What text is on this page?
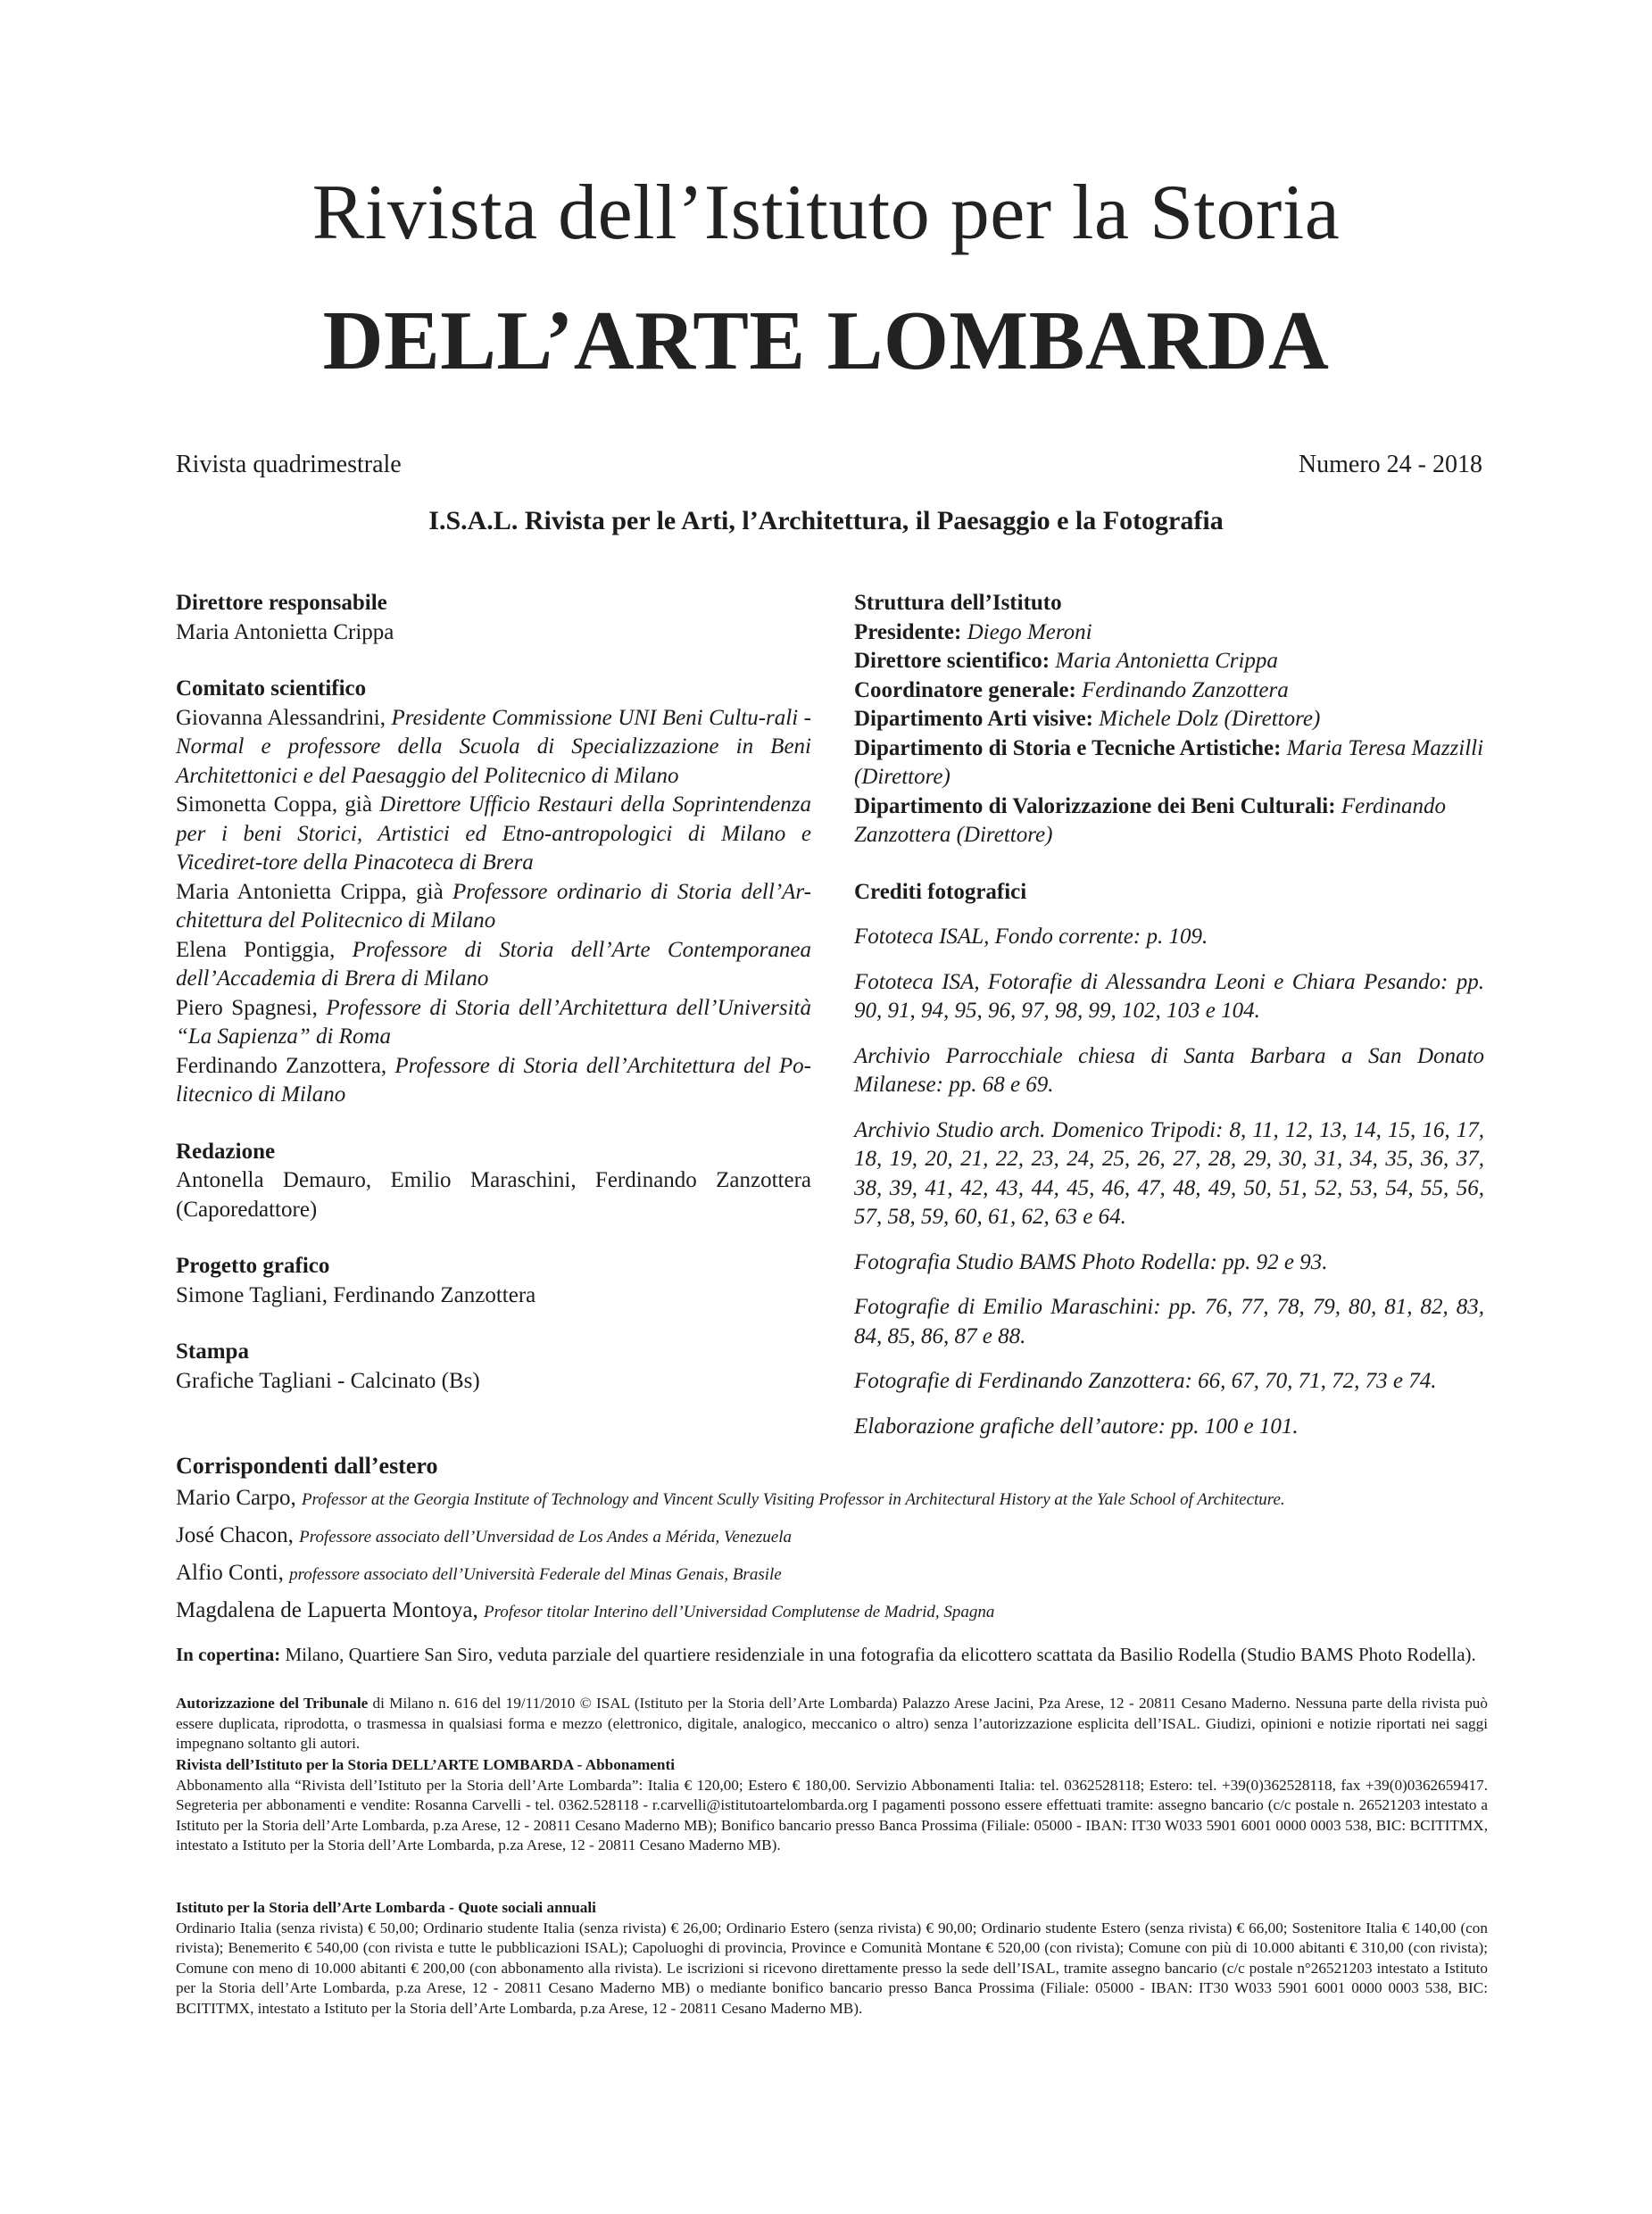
Rivista dell’Istituto per la Storia
DELL’ARTE LOMBARDA
Rivista quadrimestrale	Numero 24 - 2018
I.S.A.L. Rivista per le Arti, l’Architettura, il Paesaggio e la Fotografia
Direttore responsabile

Maria Antonietta Crippa

Comitato scientifico

Giovanna Alessandrini, Presidente Commissione UNI Beni Cultu-rali - Normal e professore della Scuola di Specializzazione in Beni Architettonici e del Paesaggio del Politecnico di Milano

Simonetta Coppa, già Direttore Ufficio Restauri della Soprintendenza per i beni Storici, Artistici ed Etno-antropologici di Milano e Vicediret-tore della Pinacoteca di Brera

Maria Antonietta Crippa, già Professore ordinario di Storia dell’Ar-chitettura del Politecnico di Milano

Elena Pontiggia, Professore di Storia dell’Arte Contemporanea dell’Accademia di Brera di Milano

Piero Spagnesi, Professore di Storia dell’Architettura dell’Università “La Sapienza” di Roma

Ferdinando Zanzottera, Professore di Storia dell’Architettura del Po-litecnico di Milano

Redazione

Antonella Demauro, Emilio Maraschini, Ferdinando Zanzottera (Caporedattore)

Progetto grafico

Simone Tagliani, Ferdinando Zanzottera

Stampa

Grafiche Tagliani - Calcinato (Bs)

Struttura dell’Istituto

Presidente: Diego Meroni

Direttore scientifico: Maria Antonietta Crippa

Coordinatore generale: Ferdinando Zanzottera

Dipartimento Arti visive: Michele Dolz (Direttore)

Dipartimento di Storia e Tecniche Artistiche: Maria Teresa Mazzilli (Direttore)

Dipartimento di Valorizzazione dei Beni Culturali: Ferdinando Zanzottera (Direttore)

Crediti fotografici

Fototeca ISAL, Fondo corrente: p. 109.

Fototeca ISA, Fotorafie di Alessandra Leoni e Chiara Pesando: pp. 90, 91, 94, 95, 96, 97, 98, 99, 102, 103 e 104.

Archivio Parrocchiale chiesa di Santa Barbara a San Donato Milanese: pp. 68 e 69.

Archivio Studio arch. Domenico Tripodi: 8, 11, 12, 13, 14, 15, 16, 17, 18, 19, 20, 21, 22, 23, 24, 25, 26, 27, 28, 29, 30, 31, 34, 35, 36, 37, 38, 39, 41, 42, 43, 44, 45, 46, 47, 48, 49, 50, 51, 52, 53, 54, 55, 56, 57, 58, 59, 60, 61, 62, 63 e 64.

Fotografia Studio BAMS Photo Rodella: pp. 92 e 93.

Fotografie di Emilio Maraschini: pp. 76, 77, 78, 79, 80, 81, 82, 83, 84, 85, 86, 87 e 88.

Fotografie di Ferdinando Zanzottera: 66, 67, 70, 71, 72, 73 e 74.

Elaborazione grafiche dell’autore: pp. 100 e 101.

Corrispondenti dall’estero
Mario Carpo, Professor at the Georgia Institute of Technology and Vincent Scully Visiting Professor in Architectural History at the Yale School of Architecture.
José Chacon, Professore associato dell’Unversidad de Los Andes a Mérida, Venezuela
Alfio Conti, professore associato dell’Università Federale del Minas Genais, Brasile
Magdalena de Lapuerta Montoya, Profesor titolar Interino dell’Universidad Complutense de Madrid, Spagna
In copertina: Milano, Quartiere San Siro, veduta parziale del quartiere residenziale in una fotografia da elicottero scattata da Basilio Rodella (Studio BAMS Photo Rodella).
Autorizzazione del Tribunale di Milano n. 616 del 19/11/2010 © ISAL (Istituto per la Storia dell’Arte Lombarda) Palazzo Arese Jacini, Pza Arese, 12 - 20811 Cesano Maderno. Nessuna parte della rivista può essere duplicata, riprodotta, o trasmessa in qualsiasi forma e mezzo (elettronico, digitale, analogico, meccanico o altro) senza l’autorizzazione esplicita dell’ISAL. Giudizi, opinioni e notizie riportati nei saggi impegnano soltanto gli autori.
Rivista dell’Istituto per la Storia DELL’ARTE LOMBARDA - Abbonamenti
Abbonamento alla “Rivista dell’Istituto per la Storia dell’Arte Lombarda”: Italia € 120,00; Estero € 180,00. Servizio Abbonamenti Italia: tel. 0362528118; Estero: tel. +39(0)362528118, fax +39(0)0362659417. Segreteria per abbonamenti e vendite: Rosanna Carvelli - tel. 0362.528118 - r.carvelli@istitutoartelombarda.org I pagamenti possono essere effettuati tramite: assegno bancario (c/c postale n. 26521203 intestato a Istituto per la Storia dell’Arte Lombarda, p.za Arese, 12 - 20811 Cesano Maderno MB); Bonifico bancario presso Banca Prossima (Filiale: 05000 - IBAN: IT30 W033 5901 6001 0000 0003 538, BIC: BCITITMX, intestato a Istituto per la Storia dell’Arte Lombarda, p.za Arese, 12 - 20811 Cesano Maderno MB).
Istituto per la Storia dell’Arte Lombarda - Quote sociali annuali
Ordinario Italia (senza rivista) € 50,00; Ordinario studente Italia (senza rivista) € 26,00; Ordinario Estero (senza rivista) € 90,00; Ordinario studente Estero (senza rivista) € 66,00; Sostenitore Italia € 140,00 (con rivista); Benemerito € 540,00 (con rivista e tutte le pubblicazioni ISAL); Capoluoghi di provincia, Province e Comunità Montane € 520,00 (con rivista); Comune con più di 10.000 abitanti € 310,00 (con rivista); Comune con meno di 10.000 abitanti € 200,00 (con abbonamento alla rivista). Le iscrizioni si ricevono direttamente presso la sede dell’ISAL, tramite assegno bancario (c/c postale n°26521203 intestato a Istituto per la Storia dell’Arte Lombarda, p.za Arese, 12 - 20811 Cesano Maderno MB) o mediante bonifico bancario presso Banca Prossima (Filiale: 05000 - IBAN: IT30 W033 5901 6001 0000 0003 538, BIC: BCITITMX, intestato a Istituto per la Storia dell’Arte Lombarda, p.za Arese, 12 - 20811 Cesano Maderno MB).
